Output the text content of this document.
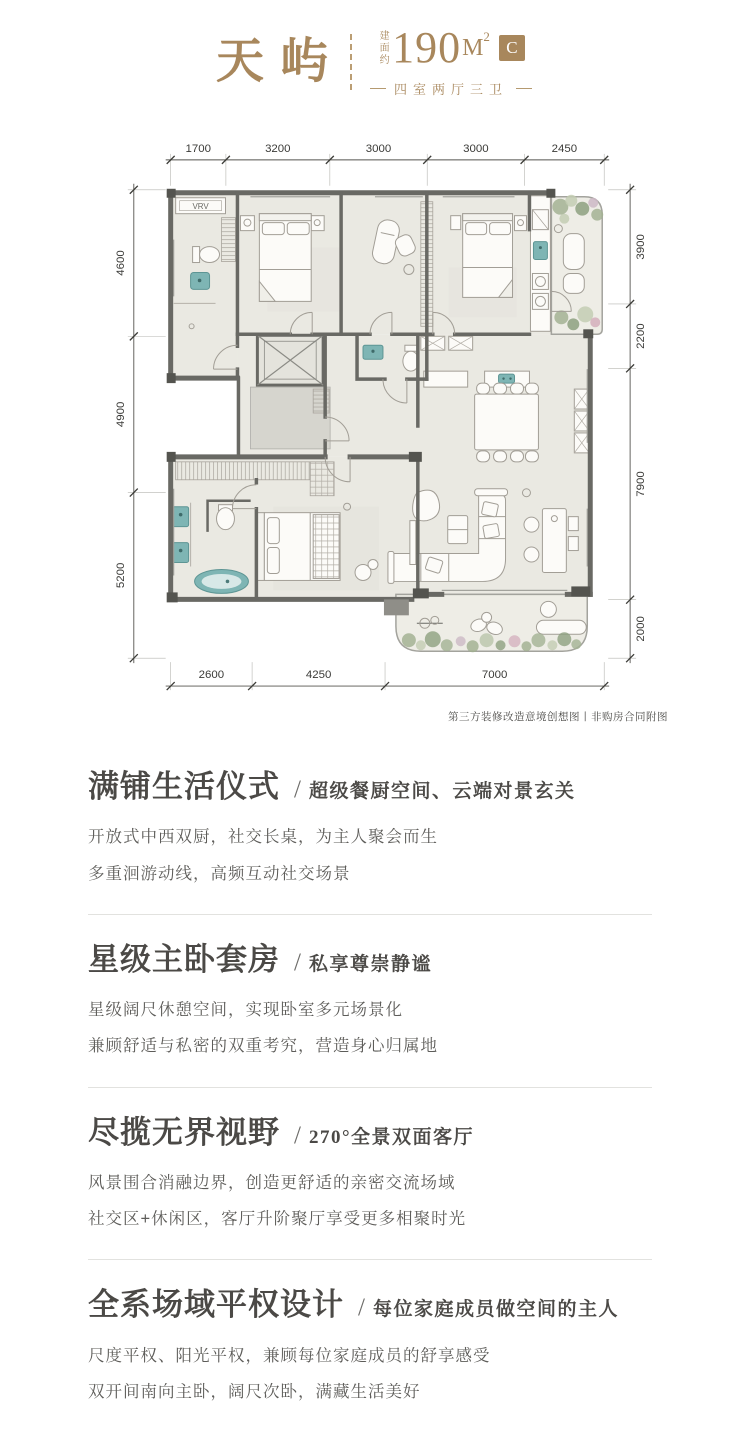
天屿	建面约 190 M 2
C
四室两厅三卫
1700	3200	3000	3000	2450
4600
4900
5200
3900
2200
7900
2000
2600	4250	7000
VRV
第三方装修改造意境创想图丨非购房合同附图
满铺生活仪式 / 超级餐厨空间、云端对景玄关

开放式中西双厨，社交长桌，为主人聚会而生

多重洄游动线，高频互动社交场景

星级主卧套房 / 私享尊崇静谧

星级阔尺休憩空间，实现卧室多元场景化

兼顾舒适与私密的双重考究，营造身心归属地

尽揽无界视野 / 270°全景双面客厅

风景围合消融边界，创造更舒适的亲密交流场域

社交区+休闲区，客厅升阶聚厅享受更多相聚时光

全系场域平权设计 / 每位家庭成员做空间的主人

尺度平权、阳光平权，兼顾每位家庭成员的舒享感受

双开间南向主卧，阔尺次卧，满藏生活美好
